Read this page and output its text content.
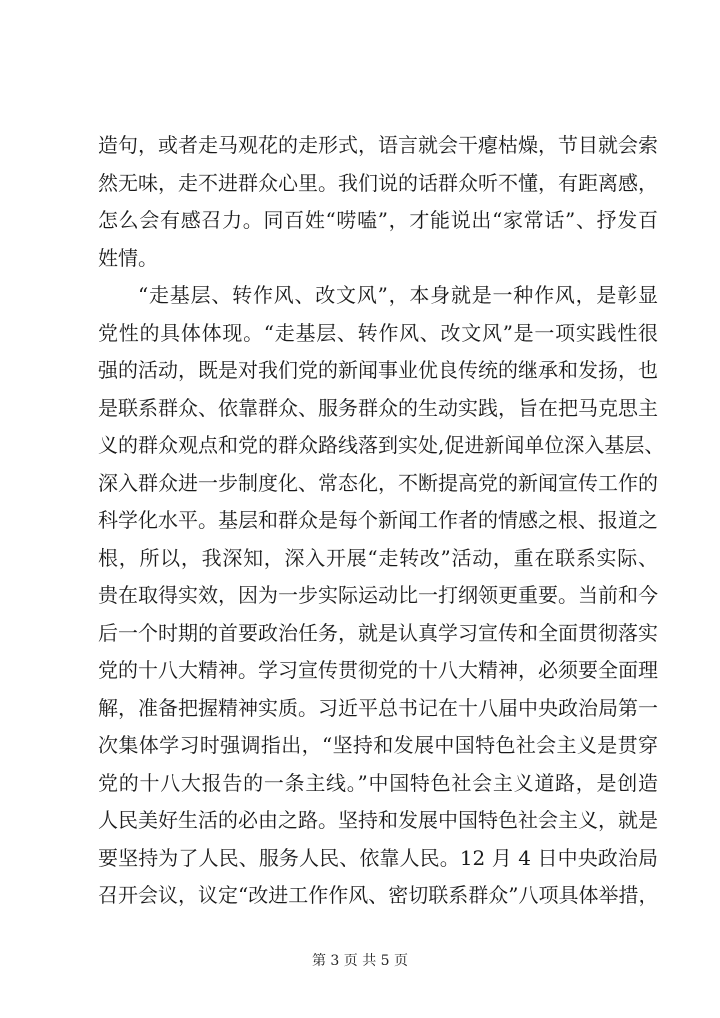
造句，或者走马观花的走形式，语言就会干瘪枯燥，节目就会索
然无味，走不进群众心里。我们说的话群众听不懂，有距离感，
怎么会有感召力。同百姓“唠嗑”，才能说出“家常话”、抒发百
姓情。
“走基层、转作风、改文风”，本身就是一种作风，是彰显
党性的具体体现。“走基层、转作风、改文风”是一项实践性很
强的活动，既是对我们党的新闻事业优良传统的继承和发扬，也
是联系群众、依靠群众、服务群众的生动实践，旨在把马克思主
义的群众观点和党的群众路线落到实处,促进新闻单位深入基层、
深入群众进一步制度化、常态化，不断提高党的新闻宣传工作的
科学化水平。基层和群众是每个新闻工作者的情感之根、报道之
根，所以，我深知，深入开展“走转改”活动，重在联系实际、
贵在取得实效，因为一步实际运动比一打纲领更重要。当前和今
后一个时期的首要政治任务，就是认真学习宣传和全面贯彻落实
党的十八大精神。学习宣传贯彻党的十八大精神，必须要全面理
解，准备把握精神实质。习近平总书记在十八届中央政治局第一
次集体学习时强调指出，“坚持和发展中国特色社会主义是贯穿
党的十八大报告的一条主线。”中国特色社会主义道路，是创造
人民美好生活的必由之路。坚持和发展中国特色社会主义，就是
要坚持为了人民、服务人民、依靠人民。12 月 4 日中央政治局
召开会议，议定“改进工作作风、密切联系群众”八项具体举措，
第 3 页 共 5 页
